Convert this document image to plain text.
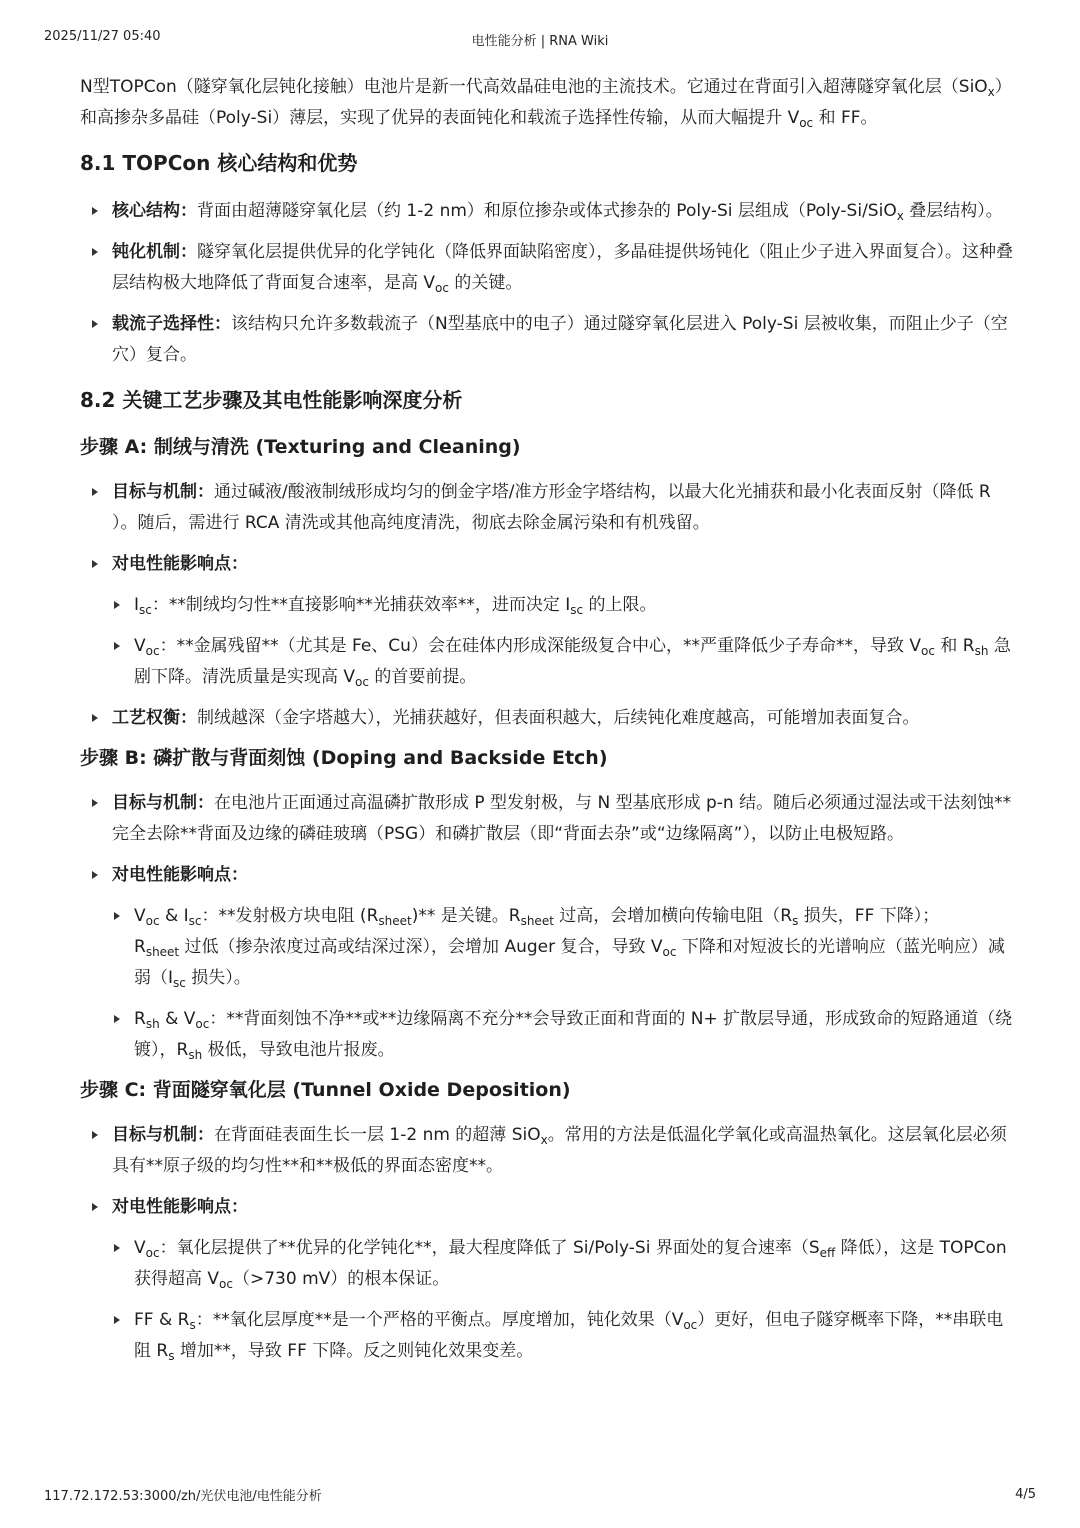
2025/11/27 05:40	电性能分析 | RNA Wiki

N型TOPCon（隧穿氧化层钝化接触）电池片是新一代高效晶硅电池的主流技术。它通过在背面引入超薄隧穿氧化层（SiO$_x$）和高掺杂多晶硅（Poly-Si）薄层，实现了优异的表面钝化和载流子选择性传输，从而大幅提升 $V_{oc}$ 和 FF。

8.1 TOPCon 核心结构和优势
核心结构：背面由超薄隧穿氧化层（约 1-2 nm）和原位掺杂或体式掺杂的 Poly-Si 层组成（Poly-Si/SiO$_x$ 叠层结构）。
钝化机制：隧穿氧化层提供优异的化学钝化（降低界面缺陷密度），多晶硅提供场钝化（阻止少子进入界面复合）。这种叠层结构极大地降低了背面复合速率，是高 $V_{oc}$ 的关键。
载流子选择性：该结构只允许多数载流子（N型基底中的电子）通过隧穿氧化层进入 Poly-Si 层被收集，而阻止少子（空穴）复合。
8.2 关键工艺步骤及其电性能影响深度分析
步骤 A: 制绒与清洗 (Texturing and Cleaning)
目标与机制：通过碱液/酸液制绒形成均匀的倒金字塔/准方形金字塔结构，以最大化光捕获和最小化表面反射（降低 R ）。随后，需进行 RCA 清洗或其他高纯度清洗，彻底去除金属污染和有机残留。
对电性能影响点：
$I_{sc}$：**制绒均匀性**直接影响**光捕获效率**，进而决定 $I_{sc}$ 的上限。
$V_{oc}$：**金属残留**（尤其是 Fe、Cu）会在硅体内形成深能级复合中心，**严重降低少子寿命**，导致 $V_{oc}$ 和 $R_{sh}$ 急剧下降。清洗质量是实现高 $V_{oc}$ 的首要前提。
工艺权衡：制绒越深（金字塔越大），光捕获越好，但表面积越大，后续钝化难度越高，可能增加表面复合。
步骤 B: 磷扩散与背面刻蚀 (Doping and Backside Etch)
目标与机制：在电池片正面通过高温磷扩散形成 P 型发射极，与 N 型基底形成 p-n 结。随后必须通过湿法或干法刻蚀**完全去除**背面及边缘的磷硅玻璃（PSG）和磷扩散层（即“背面去杂”或“边缘隔离”），以防止电极短路。
对电性能影响点：
$V_{oc}$ & $I_{sc}$：**发射极方块电阻 $(R_{sheet})**$ 是关键。$R_{sheet}$ 过高，会增加横向传输电阻（$R_s$ 损失，FF 下降）；
$R_{sheet}$ 过低（掺杂浓度过高或结深过深），会增加 Auger 复合，导致 $V_{oc}$ 下降和对短波长的光谱响应（蓝光响应）减弱（$I_{sc}$ 损失）。
$R_{sh}$ & $V_{oc}$：**背面刻蚀不净**或**边缘隔离不充分**会导致正面和背面的 N+ 扩散层导通，形成致命的短路通道（绕镀），$R_{sh}$ 极低，导致电池片报废。
步骤 C: 背面隧穿氧化层 (Tunnel Oxide Deposition)
目标与机制：在背面硅表面生长一层 1-2 nm 的超薄 SiO$_x$。常用的方法是低温化学氧化或高温热氧化。这层氧化层必须具有**原子级的均匀性**和**极低的界面态密度**。
对电性能影响点：
$V_{oc}$：氧化层提供了**优异的化学钝化**，最大程度降低了 Si/Poly-Si 界面处的复合速率（$S_{eff}$ 降低），这是 TOPCon 获得超高 $V_{oc}(>730$ mV）的根本保证。
FF & $R_s$：**氧化层厚度**是一个严格的平衡点。厚度增加，钝化效果$(V_{oc})$更好，但电子隧穿概率下降，**串联电阻 $R_s$ 增加**，导致 FF 下降。反之则钝化效果变差。
117.72.172.53:3000/zh/光伏电池/电性能分析	4/5
